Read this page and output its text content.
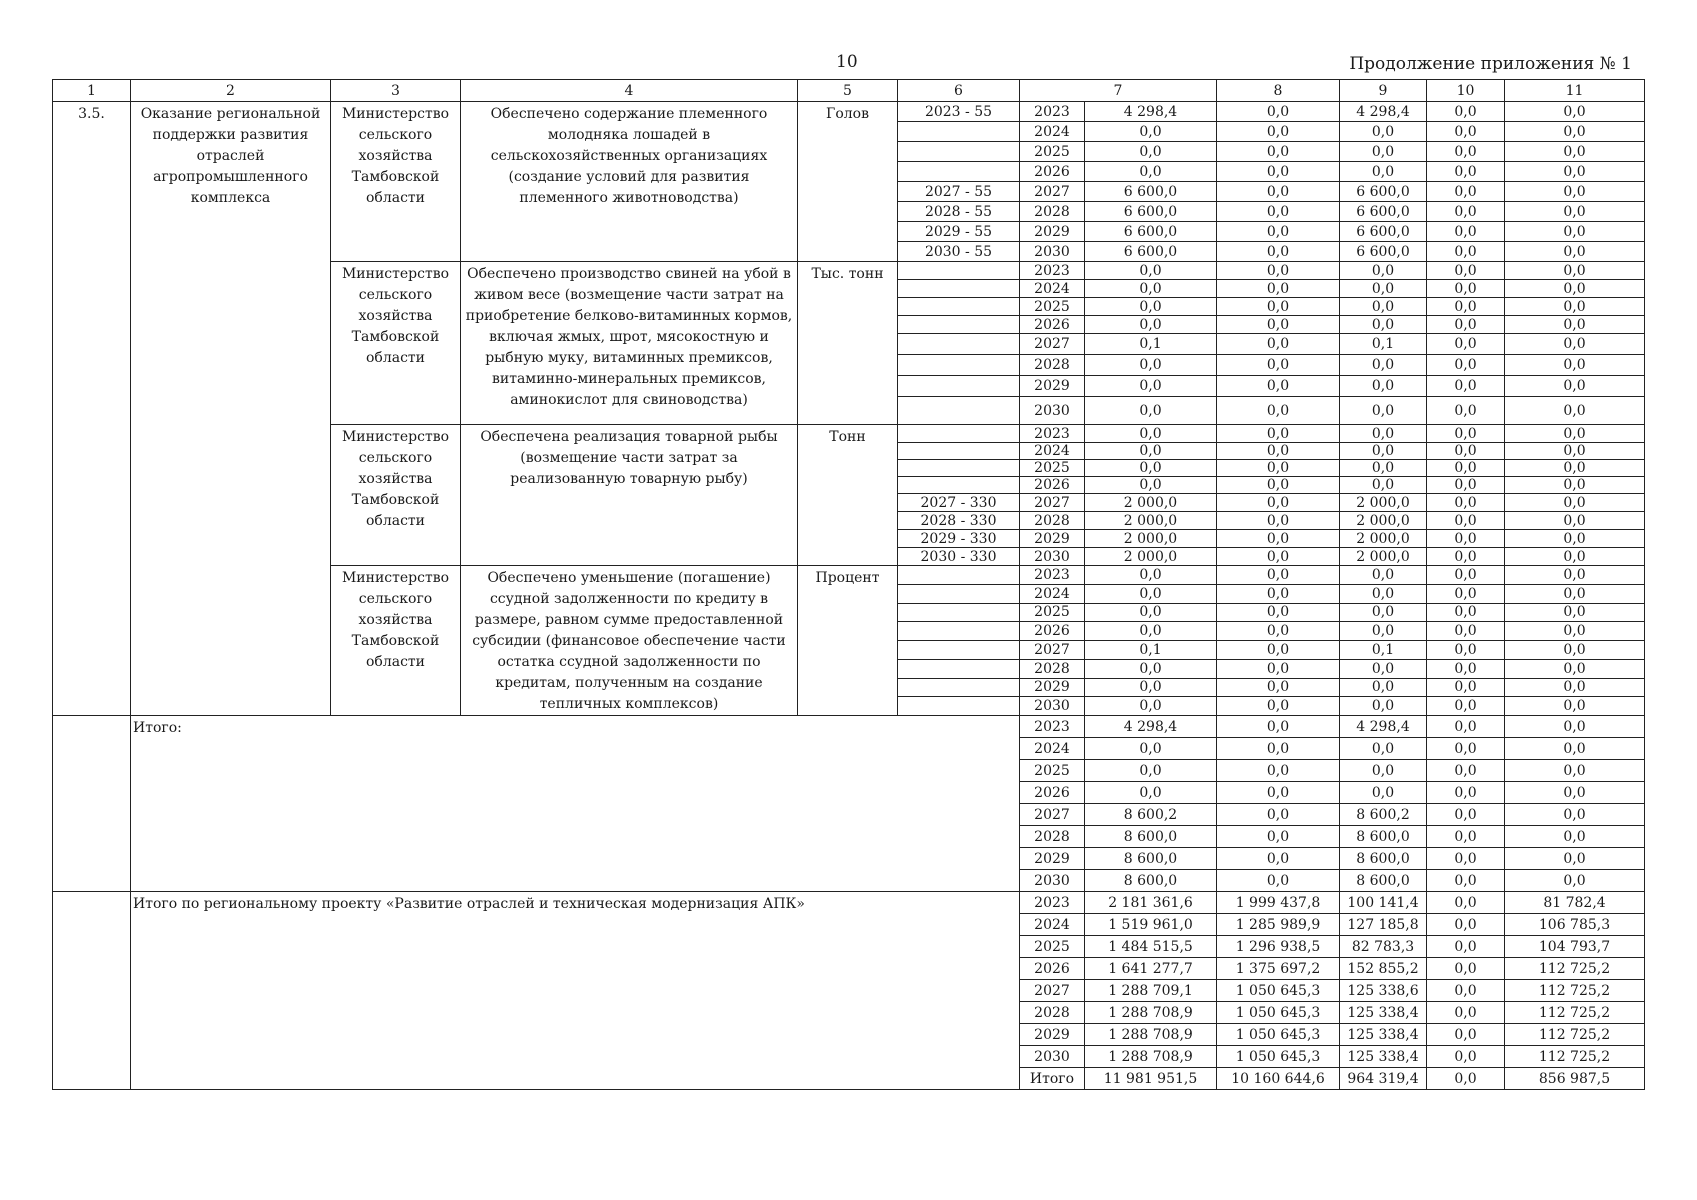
10	Продолжение приложения № 1
1	2	3	4	5	6	7		8	9	10	11
3.5.	Оказание региональной поддержки развития отраслей агропромышленного комплекса	Министерство сельского хозяйства Тамбовской области	Обеспечено содержание племенного молодняка лошадей в сельскохозяйственных организациях (создание условий для развития племенного животноводства)	Голов	2023 - 55	2023	4 298,4	0,0	4 298,4	0,0	0,0
						2024	0,0	0,0	0,0	0,0	0,0
						2025	0,0	0,0	0,0	0,0	0,0
						2026	0,0	0,0	0,0	0,0	0,0
					2027 - 55	2027	6 600,0	0,0	6 600,0	0,0	0,0
					2028 - 55	2028	6 600,0	0,0	6 600,0	0,0	0,0
					2029 - 55	2029	6 600,0	0,0	6 600,0	0,0	0,0
					2030 - 55	2030	6 600,0	0,0	6 600,0	0,0	0,0
		Министерство сельского хозяйства Тамбовской области	Обеспечено производство свиней на убой в живом весе (возмещение части затрат на приобретение белково-витаминных кормов, включая жмых, шрот, мясокостную и рыбную муку, витаминных премиксов, витаминно-минеральных премиксов, аминокислот для свиноводства)	Тыс. тонн		2023	0,0	0,0	0,0	0,0	0,0
						2024	0,0	0,0	0,0	0,0	0,0
						2025	0,0	0,0	0,0	0,0	0,0
						2026	0,0	0,0	0,0	0,0	0,0
						2027	0,1	0,0	0,1	0,0	0,0
						2028	0,0	0,0	0,0	0,0	0,0
						2029	0,0	0,0	0,0	0,0	0,0
						2030	0,0	0,0	0,0	0,0	0,0
		Министерство сельского хозяйства Тамбовской области	Обеспечена реализация товарной рыбы (возмещение части затрат за реализованную товарную рыбу)	Тонн		2023	0,0	0,0	0,0	0,0	0,0
						2024	0,0	0,0	0,0	0,0	0,0
						2025	0,0	0,0	0,0	0,0	0,0
						2026	0,0	0,0	0,0	0,0	0,0
					2027 - 330	2027	2 000,0	0,0	2 000,0	0,0	0,0
					2028 - 330	2028	2 000,0	0,0	2 000,0	0,0	0,0
					2029 - 330	2029	2 000,0	0,0	2 000,0	0,0	0,0
					2030 - 330	2030	2 000,0	0,0	2 000,0	0,0	0,0
		Министерство сельского хозяйства Тамбовской области	Обеспечено уменьшение (погашение) ссудной задолженности по кредиту в размере, равном сумме предоставленной субсидии (финансовое обеспечение части остатка ссудной задолженности по кредитам, полученным на создание тепличных комплексов)	Процент		2023	0,0	0,0	0,0	0,0	0,0
						2024	0,0	0,0	0,0	0,0	0,0
						2025	0,0	0,0	0,0	0,0	0,0
						2026	0,0	0,0	0,0	0,0	0,0
						2027	0,1	0,0	0,1	0,0	0,0
						2028	0,0	0,0	0,0	0,0	0,0
						2029	0,0	0,0	0,0	0,0	0,0
						2030	0,0	0,0	0,0	0,0	0,0
	Итого:					2023	4 298,4	0,0	4 298,4	0,0	0,0
						2024	0,0	0,0	0,0	0,0	0,0
						2025	0,0	0,0	0,0	0,0	0,0
						2026	0,0	0,0	0,0	0,0	0,0
						2027	8 600,2	0,0	8 600,2	0,0	0,0
						2028	8 600,0	0,0	8 600,0	0,0	0,0
						2029	8 600,0	0,0	8 600,0	0,0	0,0
						2030	8 600,0	0,0	8 600,0	0,0	0,0
	Итого по региональному проекту «Развитие отраслей и техническая модернизация АПК»					2023	2 181 361,6	1 999 437,8	100 141,4	0,0	81 782,4
						2024	1 519 961,0	1 285 989,9	127 185,8	0,0	106 785,3
						2025	1 484 515,5	1 296 938,5	82 783,3	0,0	104 793,7
						2026	1 641 277,7	1 375 697,2	152 855,2	0,0	112 725,2
						2027	1 288 709,1	1 050 645,3	125 338,6	0,0	112 725,2
						2028	1 288 708,9	1 050 645,3	125 338,4	0,0	112 725,2
						2029	1 288 708,9	1 050 645,3	125 338,4	0,0	112 725,2
						2030	1 288 708,9	1 050 645,3	125 338,4	0,0	112 725,2
						Итого	11 981 951,5	10 160 644,6	964 319,4	0,0	856 987,5
